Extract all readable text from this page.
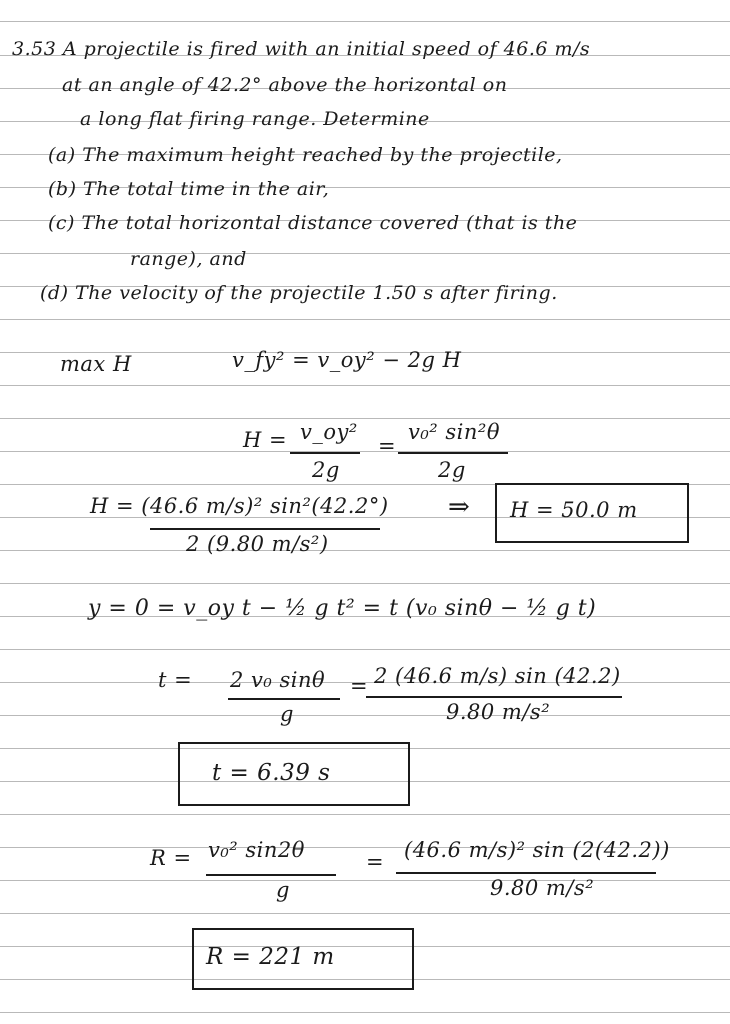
3.53 A projectile is fired with an initial speed of 46.6 m/s
at an angle of 42.2° above the horizontal on
a long flat firing range. Determine
(a) The maximum height reached by the projectile,
(b) The total time in the air,
(c) The total horizontal distance covered (that is the
range), and
(d) The velocity of the projectile 1.50 s after firing.
max H	v_fy² = v_oy² − 2g H
H = v_oy²
2g
=
v₀² sin²θ
2g
H = (46.6 m/s)² sin²(42.2°)
2 (9.80 m/s²)
⇒ H = 50.0 m
y = 0 = v_oy t − ½ g t² = t (v₀ sinθ − ½ g t)
t = 2 v₀ sinθ
g
= 2 (46.6 m/s) sin (42.2)
9.80 m/s²
t = 6.39 s
R = v₀² sin2θ
g
= (46.6 m/s)² sin (2(42.2))
9.80 m/s²
R = 221 m
